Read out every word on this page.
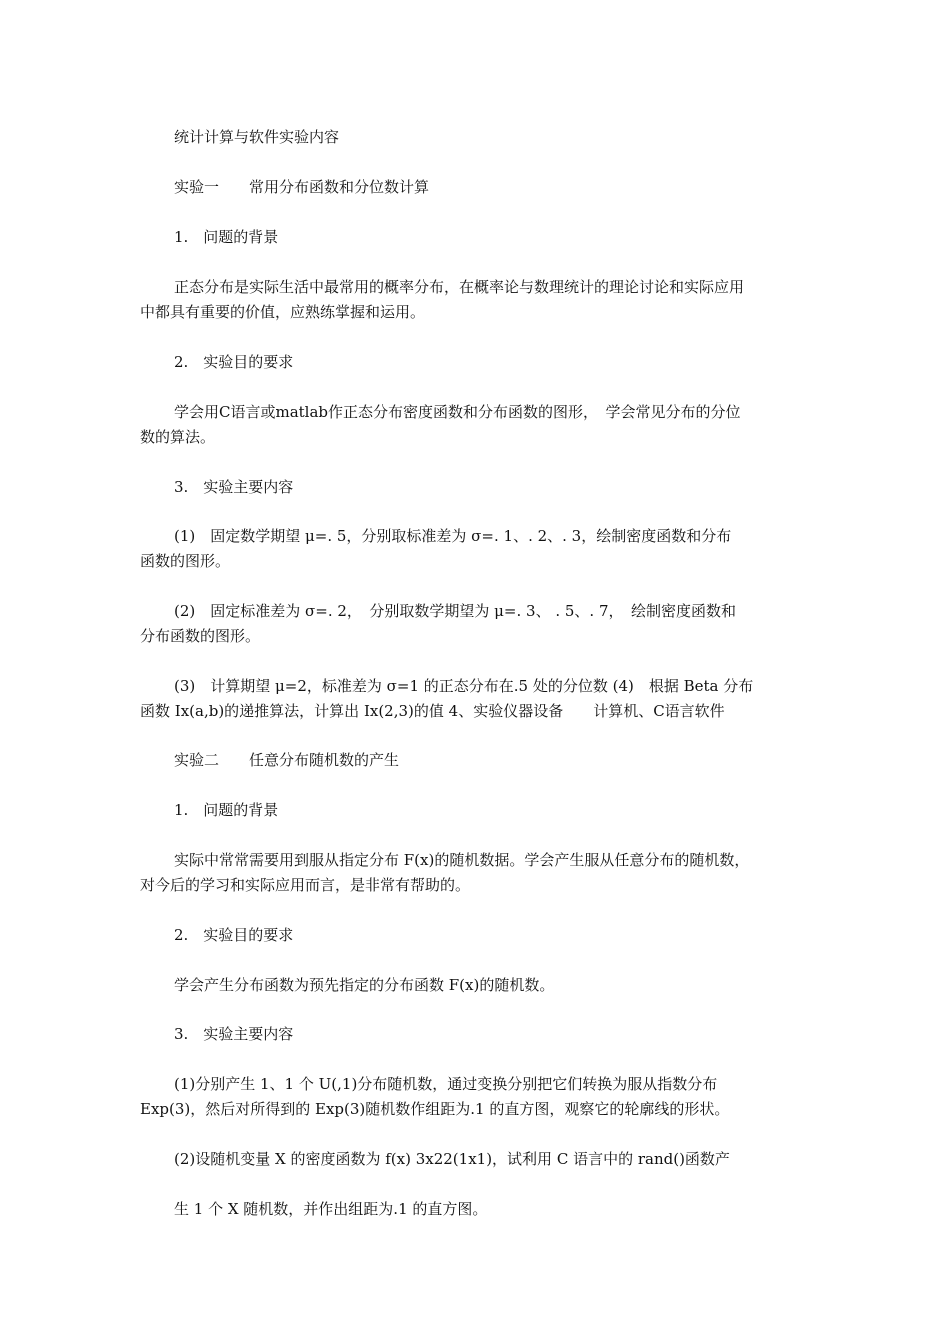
统计计算与软件实验内容
实验一　　常用分布函数和分位数计算
1.　问题的背景
正态分布是实际生活中最常用的概率分布，在概率论与数理统计的理论讨论和实际应用
中都具有重要的价值，应熟练掌握和运用。
2.　实验目的要求
学会用C语言或matlab作正态分布密度函数和分布函数的图形，　学会常见分布的分位
数的算法。
3.　实验主要内容
(1)　固定数学期望 μ=. 5，分别取标准差为 σ=. 1、. 2、. 3，绘制密度函数和分布
函数的图形。
(2)　固定标准差为 σ=. 2，　分别取数学期望为 μ=. 3、 . 5、. 7，　绘制密度函数和
分布函数的图形。
(3)　计算期望 μ=2，标准差为 σ=1 的正态分布在.5 处的分位数 (4)　根据 Beta 分布
函数 Ix(a,b)的递推算法，计算出 Ix(2,3)的值 4、实验仪器设备　　计算机、C语言软件
实验二　　任意分布随机数的产生
1.　问题的背景
实际中常常需要用到服从指定分布 F(x)的随机数据。学会产生服从任意分布的随机数，
对今后的学习和实际应用而言，是非常有帮助的。
2.　实验目的要求
学会产生分布函数为预先指定的分布函数 F(x)的随机数。
3.　实验主要内容
(1)分别产生 1、1 个 U(,1)分布随机数，通过变换分别把它们转换为服从指数分布
Exp(3)，然后对所得到的 Exp(3)随机数作组距为.1 的直方图，观察它的轮廓线的形状。
(2)设随机变量 X 的密度函数为 f(x) 3x22(1x1)，试利用 C 语言中的 rand()函数产
生 1 个 X 随机数，并作出组距为.1 的直方图。
